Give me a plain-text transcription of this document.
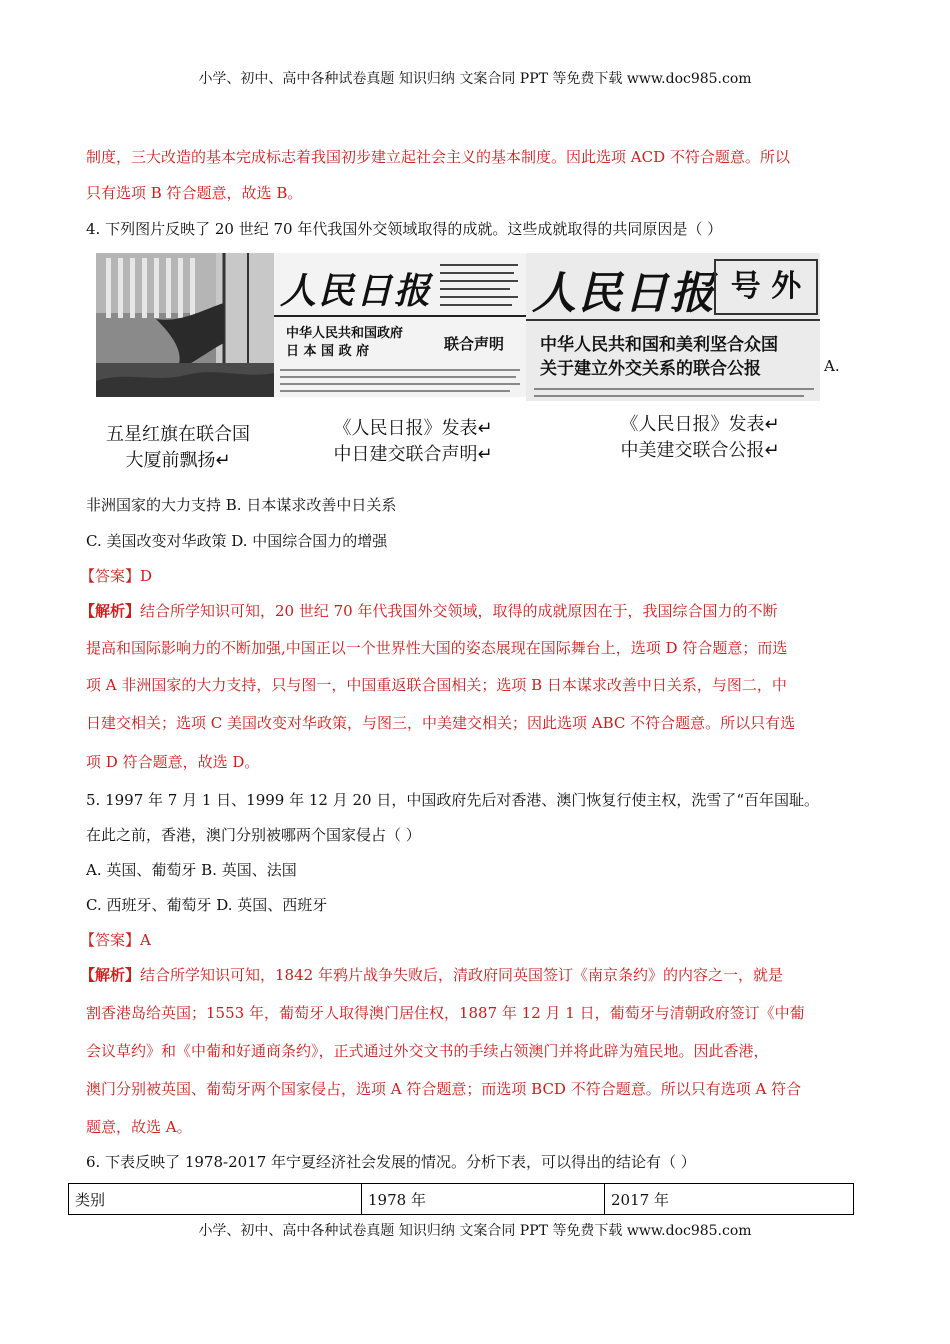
小学、初中、高中各种试卷真题 知识归纳 文案合同 PPT 等免费下载 www.doc985.com
制度，三大改造的基本完成标志着我国初步建立起社会主义的基本制度。因此选项 ACD 不符合题意。所以
只有选项 B 符合题意，故选 B。
4. 下列图片反映了 20 世纪 70 年代我国外交领域取得的成就。这些成就取得的共同原因是（ ）
人民日报
中华人民共和国政府
日 本 国 政 府	联合声明
人民日报 号 外
中华人民共和国和美利坚合众国
关于建立外交关系的联合公报	A.
五星红旗在联合国
大厦前飘扬↵
《人民日报》发表↵
中日建交联合声明↵
《人民日报》发表↵
中美建交联合公报↵
非洲国家的大力支持 B. 日本谋求改善中日关系
C. 美国改变对华政策 D. 中国综合国力的增强
【答案】D
【解析】结合所学知识可知，20 世纪 70 年代我国外交领域，取得的成就原因在于，我国综合国力的不断
提高和国际影响力的不断加强,中国正以一个世界性大国的姿态展现在国际舞台上，选项 D 符合题意；而选
项 A 非洲国家的大力支持，只与图一，中国重返联合国相关；选项 B 日本谋求改善中日关系，与图二，中
日建交相关；选项 C 美国改变对华政策，与图三，中美建交相关；因此选项 ABC 不符合题意。所以只有选
项 D 符合题意，故选 D。
5. 1997 年 7 月 1 日、1999 年 12 月 20 日，中国政府先后对香港、澳门恢复行使主权，洗雪了“百年国耻。
在此之前，香港，澳门分别被哪两个国家侵占（ ）
A. 英国、葡萄牙 B. 英国、法国
C. 西班牙、葡萄牙 D. 英国、西班牙
【答案】A
【解析】结合所学知识可知，1842 年鸦片战争失败后，清政府同英国签订《南京条约》的内容之一，就是
割香港岛给英国；1553 年，葡萄牙人取得澳门居住权，1887 年 12 月 1 日，葡萄牙与清朝政府签订《中葡
会议草约》和《中葡和好通商条约》，正式通过外交文书的手续占领澳门并将此辟为殖民地。因此香港，
澳门分别被英国、葡萄牙两个国家侵占，选项 A 符合题意；而选项 BCD 不符合题意。所以只有选项 A 符合
题意，故选 A。
6. 下表反映了 1978-2017 年宁夏经济社会发展的情况。分析下表，可以得出的结论有（ ）
类别	1978 年	2017 年
小学、初中、高中各种试卷真题 知识归纳 文案合同 PPT 等免费下载 www.doc985.com
